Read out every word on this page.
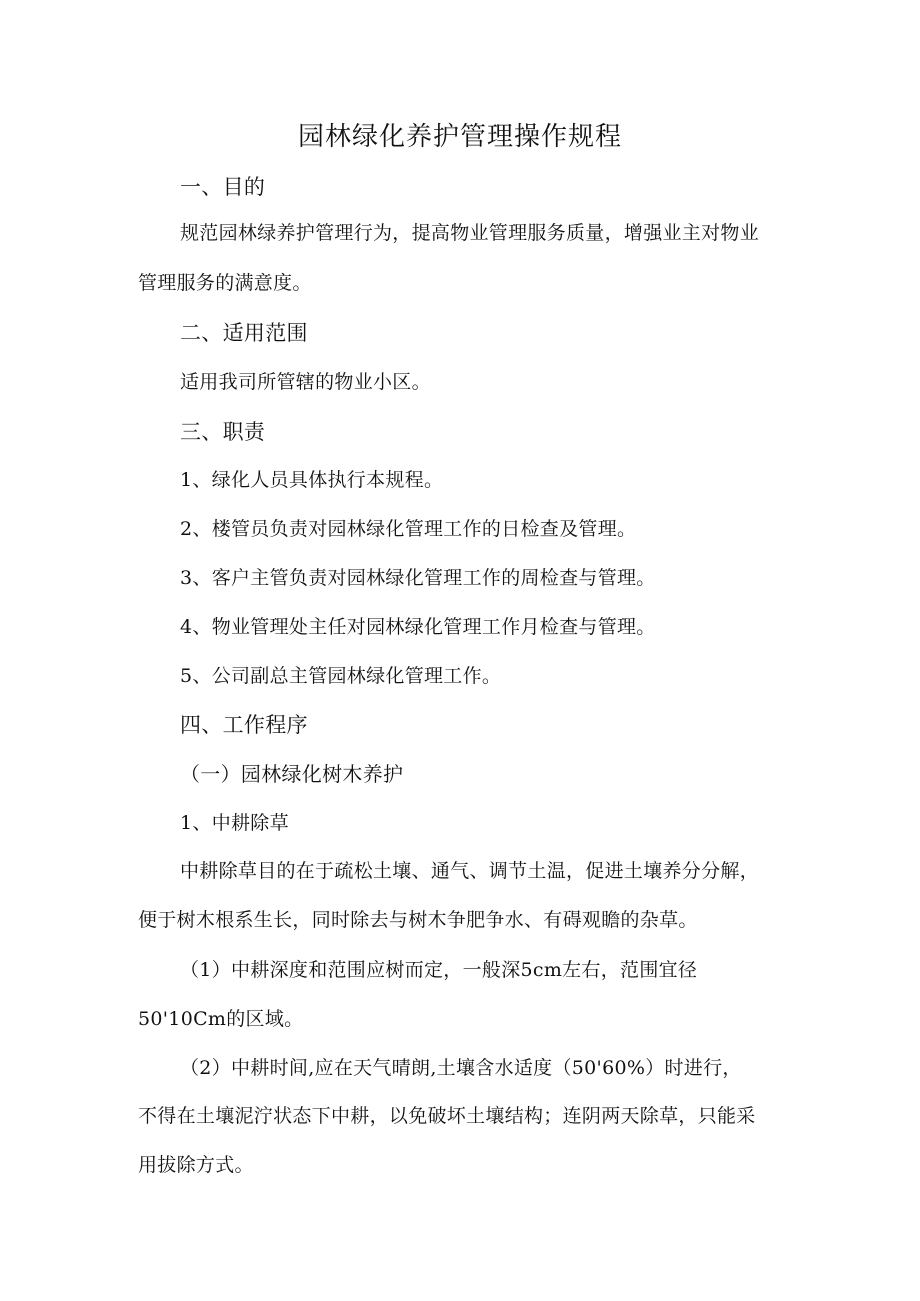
园林绿化养护管理操作规程
一、目的
规范园林绿养护管理行为，提高物业管理服务质量，增强业主对物业
管理服务的满意度。
二、适用范围
适用我司所管辖的物业小区。
三、职责
1、绿化人员具体执行本规程。
2、楼管员负责对园林绿化管理工作的日检查及管理。
3、客户主管负责对园林绿化管理工作的周检查与管理。
4、物业管理处主任对园林绿化管理工作月检查与管理。
5、公司副总主管园林绿化管理工作。
四、工作程序
（一）园林绿化树木养护
1、中耕除草
中耕除草目的在于疏松土壤、通气、调节土温，促进土壤养分分解，
便于树木根系生长，同时除去与树木争肥争水、有碍观瞻的杂草。
（1）中耕深度和范围应树而定，一般深5cm左右，范围宜径
50'10Cm的区域。
（2）中耕时间,应在天气晴朗,土壤含水适度（50'60%）时进行，
不得在土壤泥泞状态下中耕，以免破坏土壤结构；连阴两天除草，只能采
用拔除方式。
